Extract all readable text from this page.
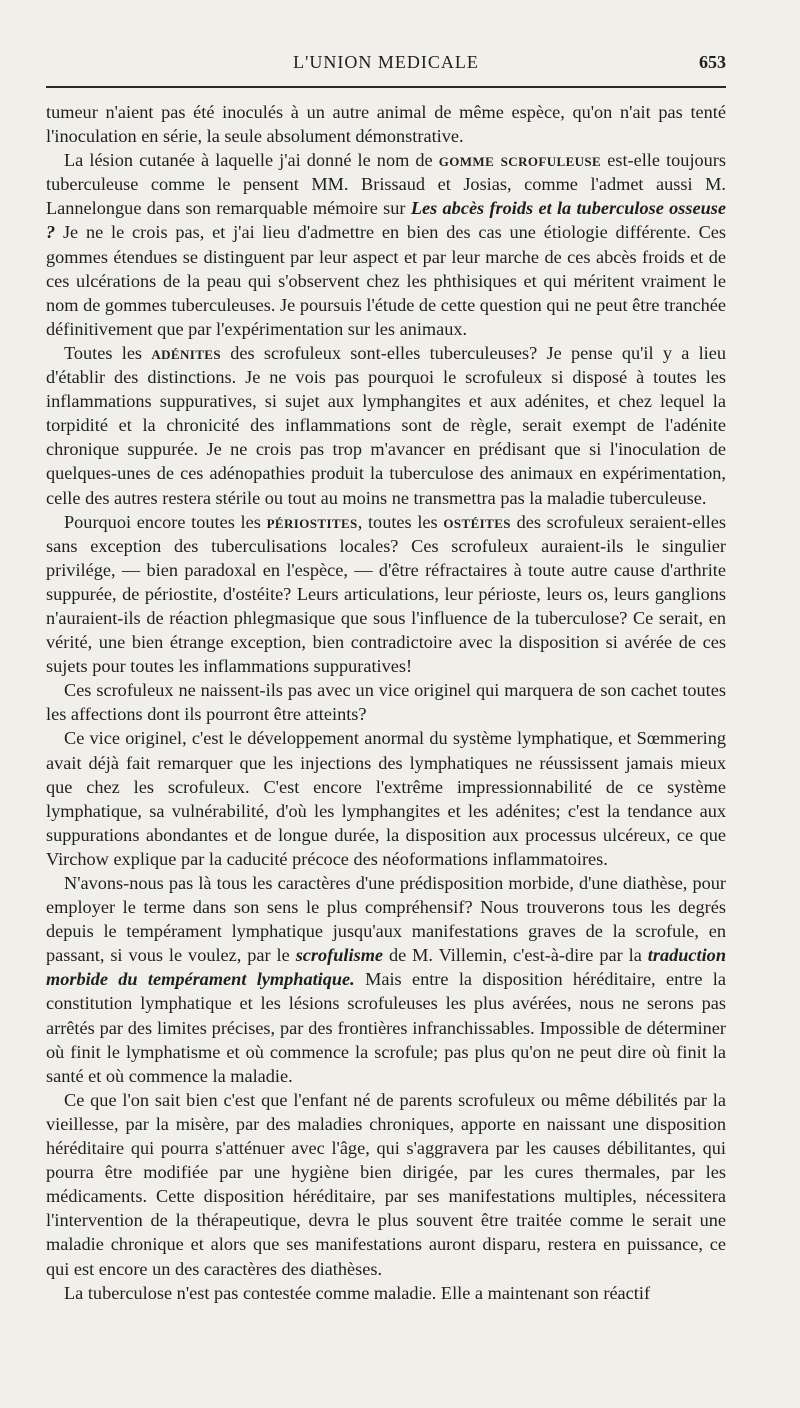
L'UNION MEDICALE	653

tumeur n'aient pas été inoculés à un autre animal de même espèce, qu'on n'ait pas tenté l'inoculation en série, la seule absolument démonstrative.

La lésion cutanée à laquelle j'ai donné le nom de gomme scrofuleuse est-elle toujours tuberculeuse comme le pensent MM. Brissaud et Josias, comme l'admet aussi M. Lannelongue dans son remarquable mémoire sur Les abcès froids et la tuberculose osseuse ? Je ne le crois pas, et j'ai lieu d'admettre en bien des cas une étiologie différente. Ces gommes étendues se distinguent par leur aspect et par leur marche de ces abcès froids et de ces ulcérations de la peau qui s'observent chez les phthisiques et qui méritent vraiment le nom de gommes tuberculeuses. Je poursuis l'étude de cette question qui ne peut être tranchée définitivement que par l'expérimentation sur les animaux.

Toutes les adénites des scrofuleux sont-elles tuberculeuses? Je pense qu'il y a lieu d'établir des distinctions. Je ne vois pas pourquoi le scrofuleux si disposé à toutes les inflammations suppuratives, si sujet aux lymphangites et aux adénites, et chez lequel la torpidité et la chronicité des inflammations sont de règle, serait exempt de l'adénite chronique suppurée. Je ne crois pas trop m'avancer en prédisant que si l'inoculation de quelques-unes de ces adénopathies produit la tuberculose des animaux en expérimentation, celle des autres restera stérile ou tout au moins ne transmettra pas la maladie tuberculeuse.

Pourquoi encore toutes les périostites, toutes les ostéites des scrofuleux seraient-elles sans exception des tuberculisations locales? Ces scrofuleux auraient-ils le singulier privilége, — bien paradoxal en l'espèce, — d'être réfractaires à toute autre cause d'arthrite suppurée, de périostite, d'ostéite? Leurs articulations, leur périoste, leurs os, leurs ganglions n'auraient-ils de réaction phlegmasique que sous l'influence de la tuberculose? Ce serait, en vérité, une bien étrange exception, bien contradictoire avec la disposition si avérée de ces sujets pour toutes les inflammations suppuratives!

Ces scrofuleux ne naissent-ils pas avec un vice originel qui marquera de son cachet toutes les affections dont ils pourront être atteints?

Ce vice originel, c'est le développement anormal du système lymphatique, et Sœmmering avait déjà fait remarquer que les injections des lymphatiques ne réussissent jamais mieux que chez les scrofuleux. C'est encore l'extrême impressionnabilité de ce système lymphatique, sa vulnérabilité, d'où les lymphangites et les adénites; c'est la tendance aux suppurations abondantes et de longue durée, la disposition aux processus ulcéreux, ce que Virchow explique par la caducité précoce des néoformations inflammatoires.

N'avons-nous pas là tous les caractères d'une prédisposition morbide, d'une diathèse, pour employer le terme dans son sens le plus compréhensif? Nous trouverons tous les degrés depuis le tempérament lymphatique jusqu'aux manifestations graves de la scrofule, en passant, si vous le voulez, par le scrofulisme de M. Villemin, c'est-à-dire par la traduction morbide du tempérament lymphatique. Mais entre la disposition héréditaire, entre la constitution lymphatique et les lésions scrofuleuses les plus avérées, nous ne serons pas arrêtés par des limites précises, par des frontières infranchissables. Impossible de déterminer où finit le lymphatisme et où commence la scrofule; pas plus qu'on ne peut dire où finit la santé et où commence la maladie.

Ce que l'on sait bien c'est que l'enfant né de parents scrofuleux ou même débilités par la vieillesse, par la misère, par des maladies chroniques, apporte en naissant une disposition héréditaire qui pourra s'atténuer avec l'âge, qui s'aggravera par les causes débilitantes, qui pourra être modifiée par une hygiène bien dirigée, par les cures thermales, par les médicaments. Cette disposition héréditaire, par ses manifestations multiples, nécessitera l'intervention de la thérapeutique, devra le plus souvent être traitée comme le serait une maladie chronique et alors que ses manifestations auront disparu, restera en puissance, ce qui est encore un des caractères des diathèses.

La tuberculose n'est pas contestée comme maladie. Elle a maintenant son réactif
